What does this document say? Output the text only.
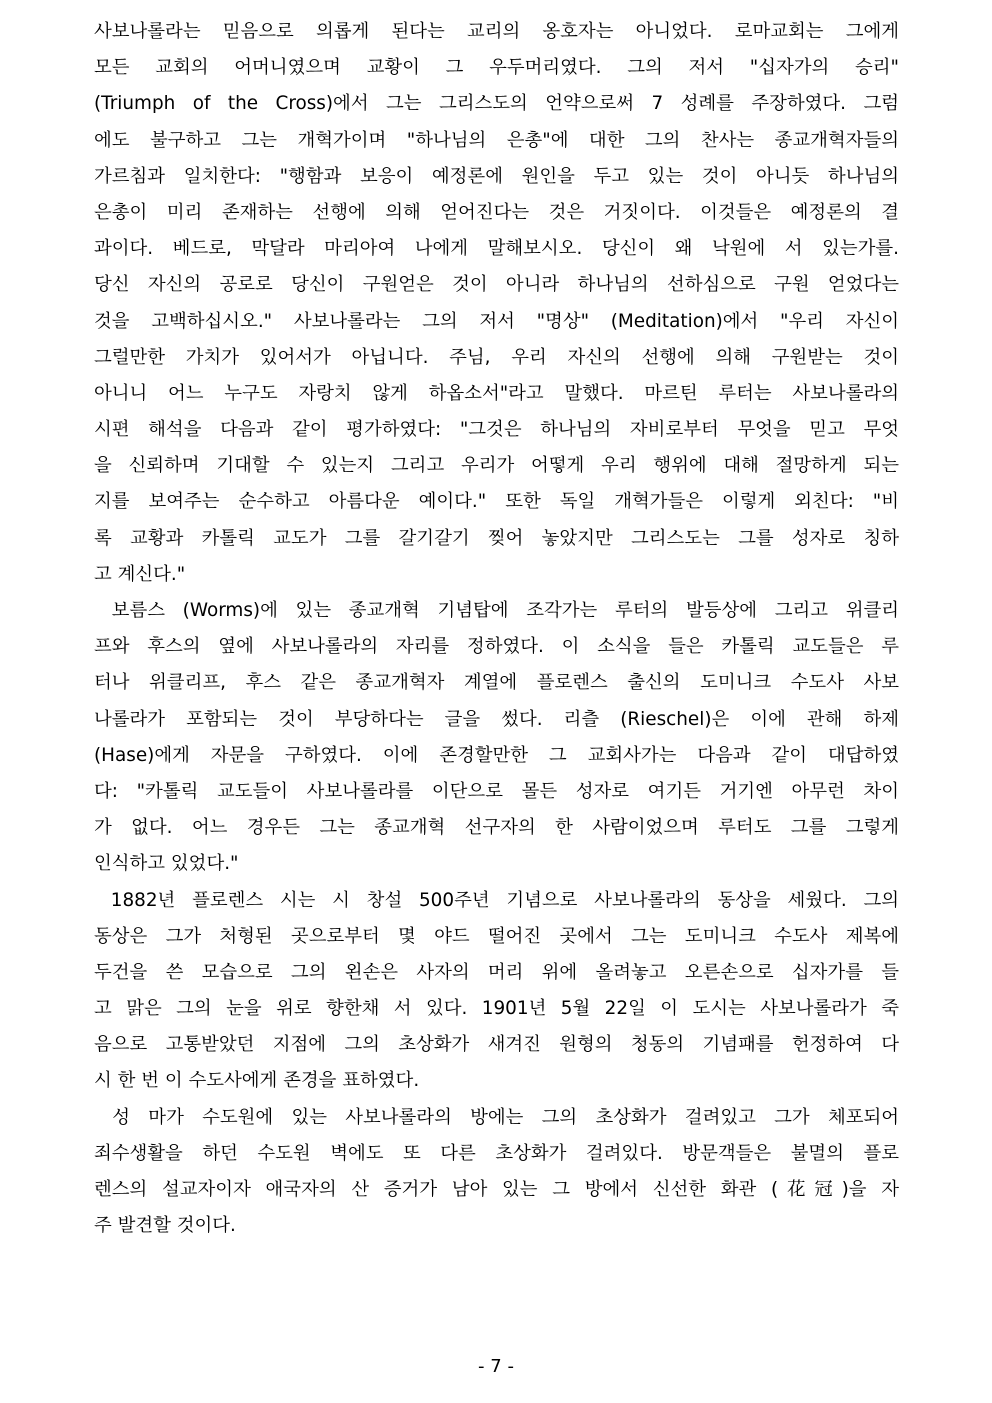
사보나롤라는 믿음으로 의롭게 된다는 교리의 옹호자는 아니었다. 로마교회는 그에게
모든 교회의 어머니였으며 교황이 그 우두머리였다. 그의 저서 "십자가의 승리"
(Triumph of the Cross)에서 그는 그리스도의 언약으로써 7 성례를 주장하였다. 그럼
에도 불구하고 그는 개혁가이며 "하나님의 은총"에 대한 그의 찬사는 종교개혁자들의
가르침과 일치한다: "행함과 보응이 예정론에 원인을 두고 있는 것이 아니듯 하나님의
은총이 미리 존재하는 선행에 의해 얻어진다는 것은 거짓이다. 이것들은 예정론의 결
과이다. 베드로, 막달라 마리아여 나에게 말해보시오. 당신이 왜 낙원에 서 있는가를.
당신 자신의 공로로 당신이 구원얻은 것이 아니라 하나님의 선하심으로 구원 얻었다는
것을 고백하십시오." 사보나롤라는 그의 저서 "명상" (Meditation)에서 "우리 자신이
그럴만한 가치가 있어서가 아닙니다. 주님, 우리 자신의 선행에 의해 구원받는 것이
아니니 어느 누구도 자랑치 않게 하옵소서"라고 말했다. 마르틴 루터는 사보나롤라의
시편 해석을 다음과 같이 평가하였다: "그것은 하나님의 자비로부터 무엇을 믿고 무엇
을 신뢰하며 기대할 수 있는지 그리고 우리가 어떻게 우리 행위에 대해 절망하게 되는
지를 보여주는 순수하고 아름다운 예이다." 또한 독일 개혁가들은 이렇게 외친다: "비
록 교황과 카톨릭 교도가 그를 갈기갈기 찢어 놓았지만 그리스도는 그를 성자로 칭하
고 계신다."
보름스 (Worms)에 있는 종교개혁 기념탑에 조각가는 루터의 발등상에 그리고 위클리
프와 후스의 옆에 사보나롤라의 자리를 정하였다. 이 소식을 들은 카톨릭 교도들은 루
터나 위클리프, 후스 같은 종교개혁자 계열에 플로렌스 출신의 도미니크 수도사 사보
나롤라가 포함되는 것이 부당하다는 글을 썼다. 리츨 (Rieschel)은 이에 관해 하제
(Hase)에게 자문을 구하였다. 이에 존경할만한 그 교회사가는 다음과 같이 대답하였
다: "카톨릭 교도들이 사보나롤라를 이단으로 몰든 성자로 여기든 거기엔 아무런 차이
가 없다. 어느 경우든 그는 종교개혁 선구자의 한 사람이었으며 루터도 그를 그렇게
인식하고 있었다."
1882년 플로렌스 시는 시 창설 500주년 기념으로 사보나롤라의 동상을 세웠다. 그의
동상은 그가 처형된 곳으로부터 몇 야드 떨어진 곳에서 그는 도미니크 수도사 제복에
두건을 쓴 모습으로 그의 왼손은 사자의 머리 위에 올려놓고 오른손으로 십자가를 들
고 맑은 그의 눈을 위로 향한채 서 있다. 1901년 5월 22일 이 도시는 사보나롤라가 죽
음으로 고통받았던 지점에 그의 초상화가 새겨진 원형의 청동의 기념패를 헌정하여 다
시 한 번 이 수도사에게 존경을 표하였다.
성 마가 수도원에 있는 사보나롤라의 방에는 그의 초상화가 걸려있고 그가 체포되어
죄수생활을 하던 수도원 벽에도 또 다른 초상화가 걸려있다. 방문객들은 불멸의 플로
렌스의 설교자이자 애국자의 산 증거가 남아 있는 그 방에서 신선한 화관 (花冠)을 자
주 발견할 것이다.
- 7 -
